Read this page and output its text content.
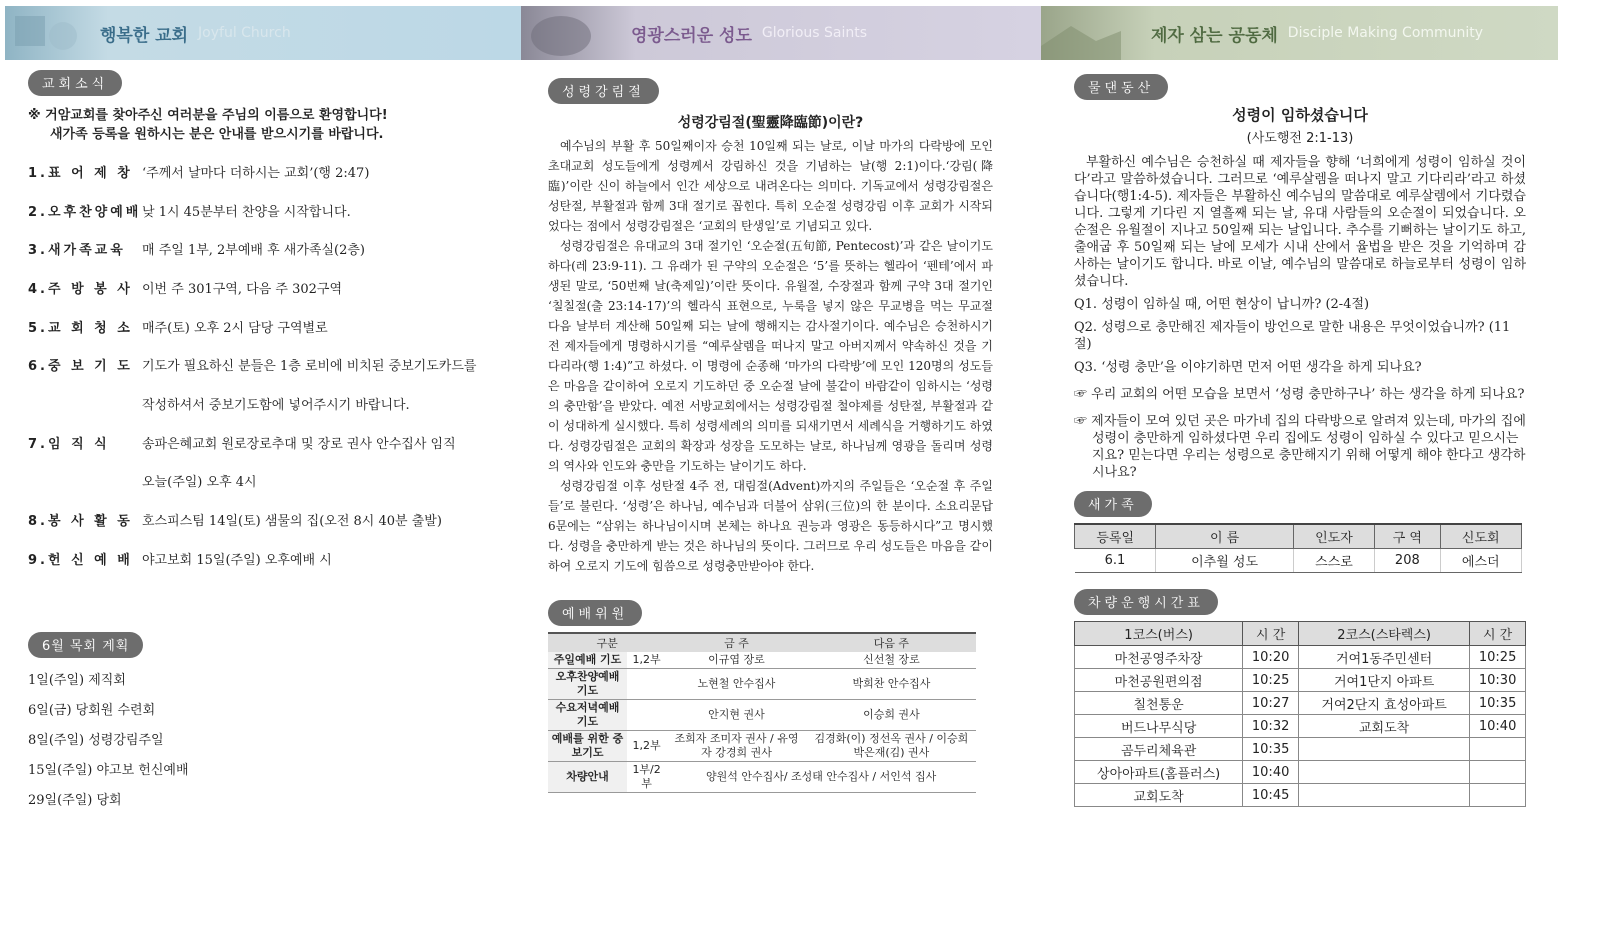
행복한 교회 Joyful Church	영광스러운 성도 Glorious Saints	제자 삼는 공동체 Disciple Making Community
교회소식
※ 거암교회를 찾아주신 여러분을 주님의 이름으로 환영합니다!
새가족 등록을 원하시는 분은 안내를 받으시기를 바랍니다.
1.표 어 제 창 ‘주께서 날마다 더하시는 교회’(행 2:47)
2.오후찬양예배 낮 1시 45분부터 찬양을 시작합니다.
3.새가족교육	매 주일 1부, 2부예배 후 새가족실(2층)
4.주 방 봉 사 이번 주 301구역, 다음 주 302구역
5.교 회 청 소 매주(토) 오후 2시 담당 구역별로
6.중 보 기 도 기도가 필요하신 분들은 1층 로비에 비치된 중보기도카드를
작성하셔서 중보기도함에 넣어주시기 바랍니다.
7.임 직 식	송파은혜교회 원로장로추대 및 장로 권사 안수집사 임직
오늘(주일) 오후 4시
8.봉 사 활 동 호스피스팀 14일(토) 샘물의 집(오전 8시 40분 출발)
9.헌 신 예 배 야고보회 15일(주일) 오후예배 시
6월 목회 계획
1일(주일) 제직회
6일(금) 당회원 수련회
8일(주일) 성령강림주일
15일(주일) 야고보 헌신예배
29일(주일) 당회
성령강림절
성령강림절(聖靈降臨節)이란?

예수님의 부활 후 50일째이자 승천 10일째 되는 날로, 이날 마가의 다락방에 모인 초대교회 성도들에게 성령께서 강림하신 것을 기념하는 날(행 2:1)이다.‘강림(降臨)’이란 신이 하늘에서 인간 세상으로 내려온다는 의미다. 기독교에서 성령강림절은 성탄절, 부활절과 함께 3대 절기로 꼽힌다. 특히 오순절 성령강림 이후 교회가 시작되었다는 점에서 성령강림절은 ‘교회의 탄생일’로 기념되고 있다.

성령강림절은 유대교의 3대 절기인 ‘오순절(五旬節, Pentecost)’과 같은 날이기도 하다(레 23:9-11). 그 유래가 된 구약의 오순절은 ‘5’를 뜻하는 헬라어 ‘펜테’에서 파생된 말로, ‘50번째 날(축제일)’이란 뜻이다. 유월절, 수장절과 함께 구약 3대 절기인 ‘칠칠절(출 23:14-17)’의 헬라식 표현으로, 누룩을 넣지 않은 무교병을 먹는 무교절 다음 날부터 계산해 50일째 되는 날에 행해지는 감사절기이다. 예수님은 승천하시기 전 제자들에게 명령하시기를 “예루살렘을 떠나지 말고 아버지께서 약속하신 것을 기다리라(행 1:4)”고 하셨다. 이 명령에 순종해 ‘마가의 다락방’에 모인 120명의 성도들은 마음을 같이하여 오로지 기도하던 중 오순절 날에 불같이 바람같이 임하시는 ‘성령의 충만함’을 받았다. 예전 서방교회에서는 성령강림절 철야제를 성탄절, 부활절과 같이 성대하게 실시했다. 특히 성령세례의 의미를 되새기면서 세례식을 거행하기도 하였다. 성령강림절은 교회의 확장과 성장을 도모하는 날로, 하나님께 영광을 돌리며 성령의 역사와 인도와 충만을 기도하는 날이기도 하다.

성령강림절 이후 성탄절 4주 전, 대림절(Advent)까지의 주일들은 ‘오순절 후 주일들’로 불린다. ‘성령’은 하나님, 예수님과 더불어 삼위(三位)의 한 분이다. 소요리문답 6문에는 “삼위는 하나님이시며 본체는 하나요 권능과 영광은 동등하시다”고 명시했다. 성령을 충만하게 받는 것은 하나님의 뜻이다. 그러므로 우리 성도들은 마음을 같이하여 오로지 기도에 힘씀으로 성령충만받아야 한다.

예배위원
구분		금 주	다음 주
주일예배 기도	1,2부	이규엽 장로	신선철 장로
오후찬양예배 기도		노현철 안수집사	박희찬 안수집사
수요저녁예배 기도		안지현 권사	이승희 권사
예배를 위한 중보기도	1,2부	조희자 조미자 권사 / 유영자 강경희 권사	김경화(이) 정선옥 권사 / 이승희 박은재(김) 권사
차량안내	1부/2부	양원석 안수집사/ 조성태 안수집사 / 서인석 집사	
물댄동산
성령이 임하셨습니다
(사도행전 2:1-13)

부활하신 예수님은 승천하실 때 제자들을 향해 ‘너희에게 성령이 임하실 것이다’라고 말씀하셨습니다. 그러므로 ‘예루살렘을 떠나지 말고 기다리라’라고 하셨습니다(행1:4-5). 제자들은 부활하신 예수님의 말씀대로 예루살렘에서 기다렸습니다. 그렇게 기다린 지 열흘째 되는 날, 유대 사람들의 오순절이 되었습니다. 오순절은 유월절이 지나고 50일째 되는 날입니다. 추수를 기뻐하는 날이기도 하고, 출애굽 후 50일째 되는 날에 모세가 시내 산에서 율법을 받은 것을 기억하며 감사하는 날이기도 합니다. 바로 이날, 예수님의 말씀대로 하늘로부터 성령이 임하셨습니다.

Q1. 성령이 임하실 때, 어떤 현상이 납니까? (2-4절)
Q2. 성령으로 충만해진 제자들이 방언으로 말한 내용은 무엇이었습니까? (11절)
Q3. ‘성령 충만’을 이야기하면 먼저 어떤 생각을 하게 되나요?
☞ 우리 교회의 어떤 모습을 보면서 ‘성령 충만하구나’ 하는 생각을 하게 되나요?
☞ 제자들이 모여 있던 곳은 마가네 집의 다락방으로 알려져 있는데, 마가의 집에 성령이 충만하게 임하셨다면 우리 집에도 성령이 임하실 수 있다고 믿으시는지요? 믿는다면 우리는 성령으로 충만해지기 위해 어떻게 해야 한다고 생각하시나요?
새가족
등록일	이 름	인도자	구 역	신도회
6.1	이추월 성도	스스로	208	에스더
차량운행시간표
1코스(버스)	시 간	2코스(스타렉스)	시 간
마천공영주차장	10:20	거여1동주민센터	10:25
마천공원편의점	10:25	거여1단지 아파트	10:30
칠천통운	10:27	거여2단지 효성아파트	10:35
버드나무식당	10:32	교회도착	10:40
곰두리체육관	10:35		
상아아파트(홈플러스)	10:40		
교회도착	10:45		
